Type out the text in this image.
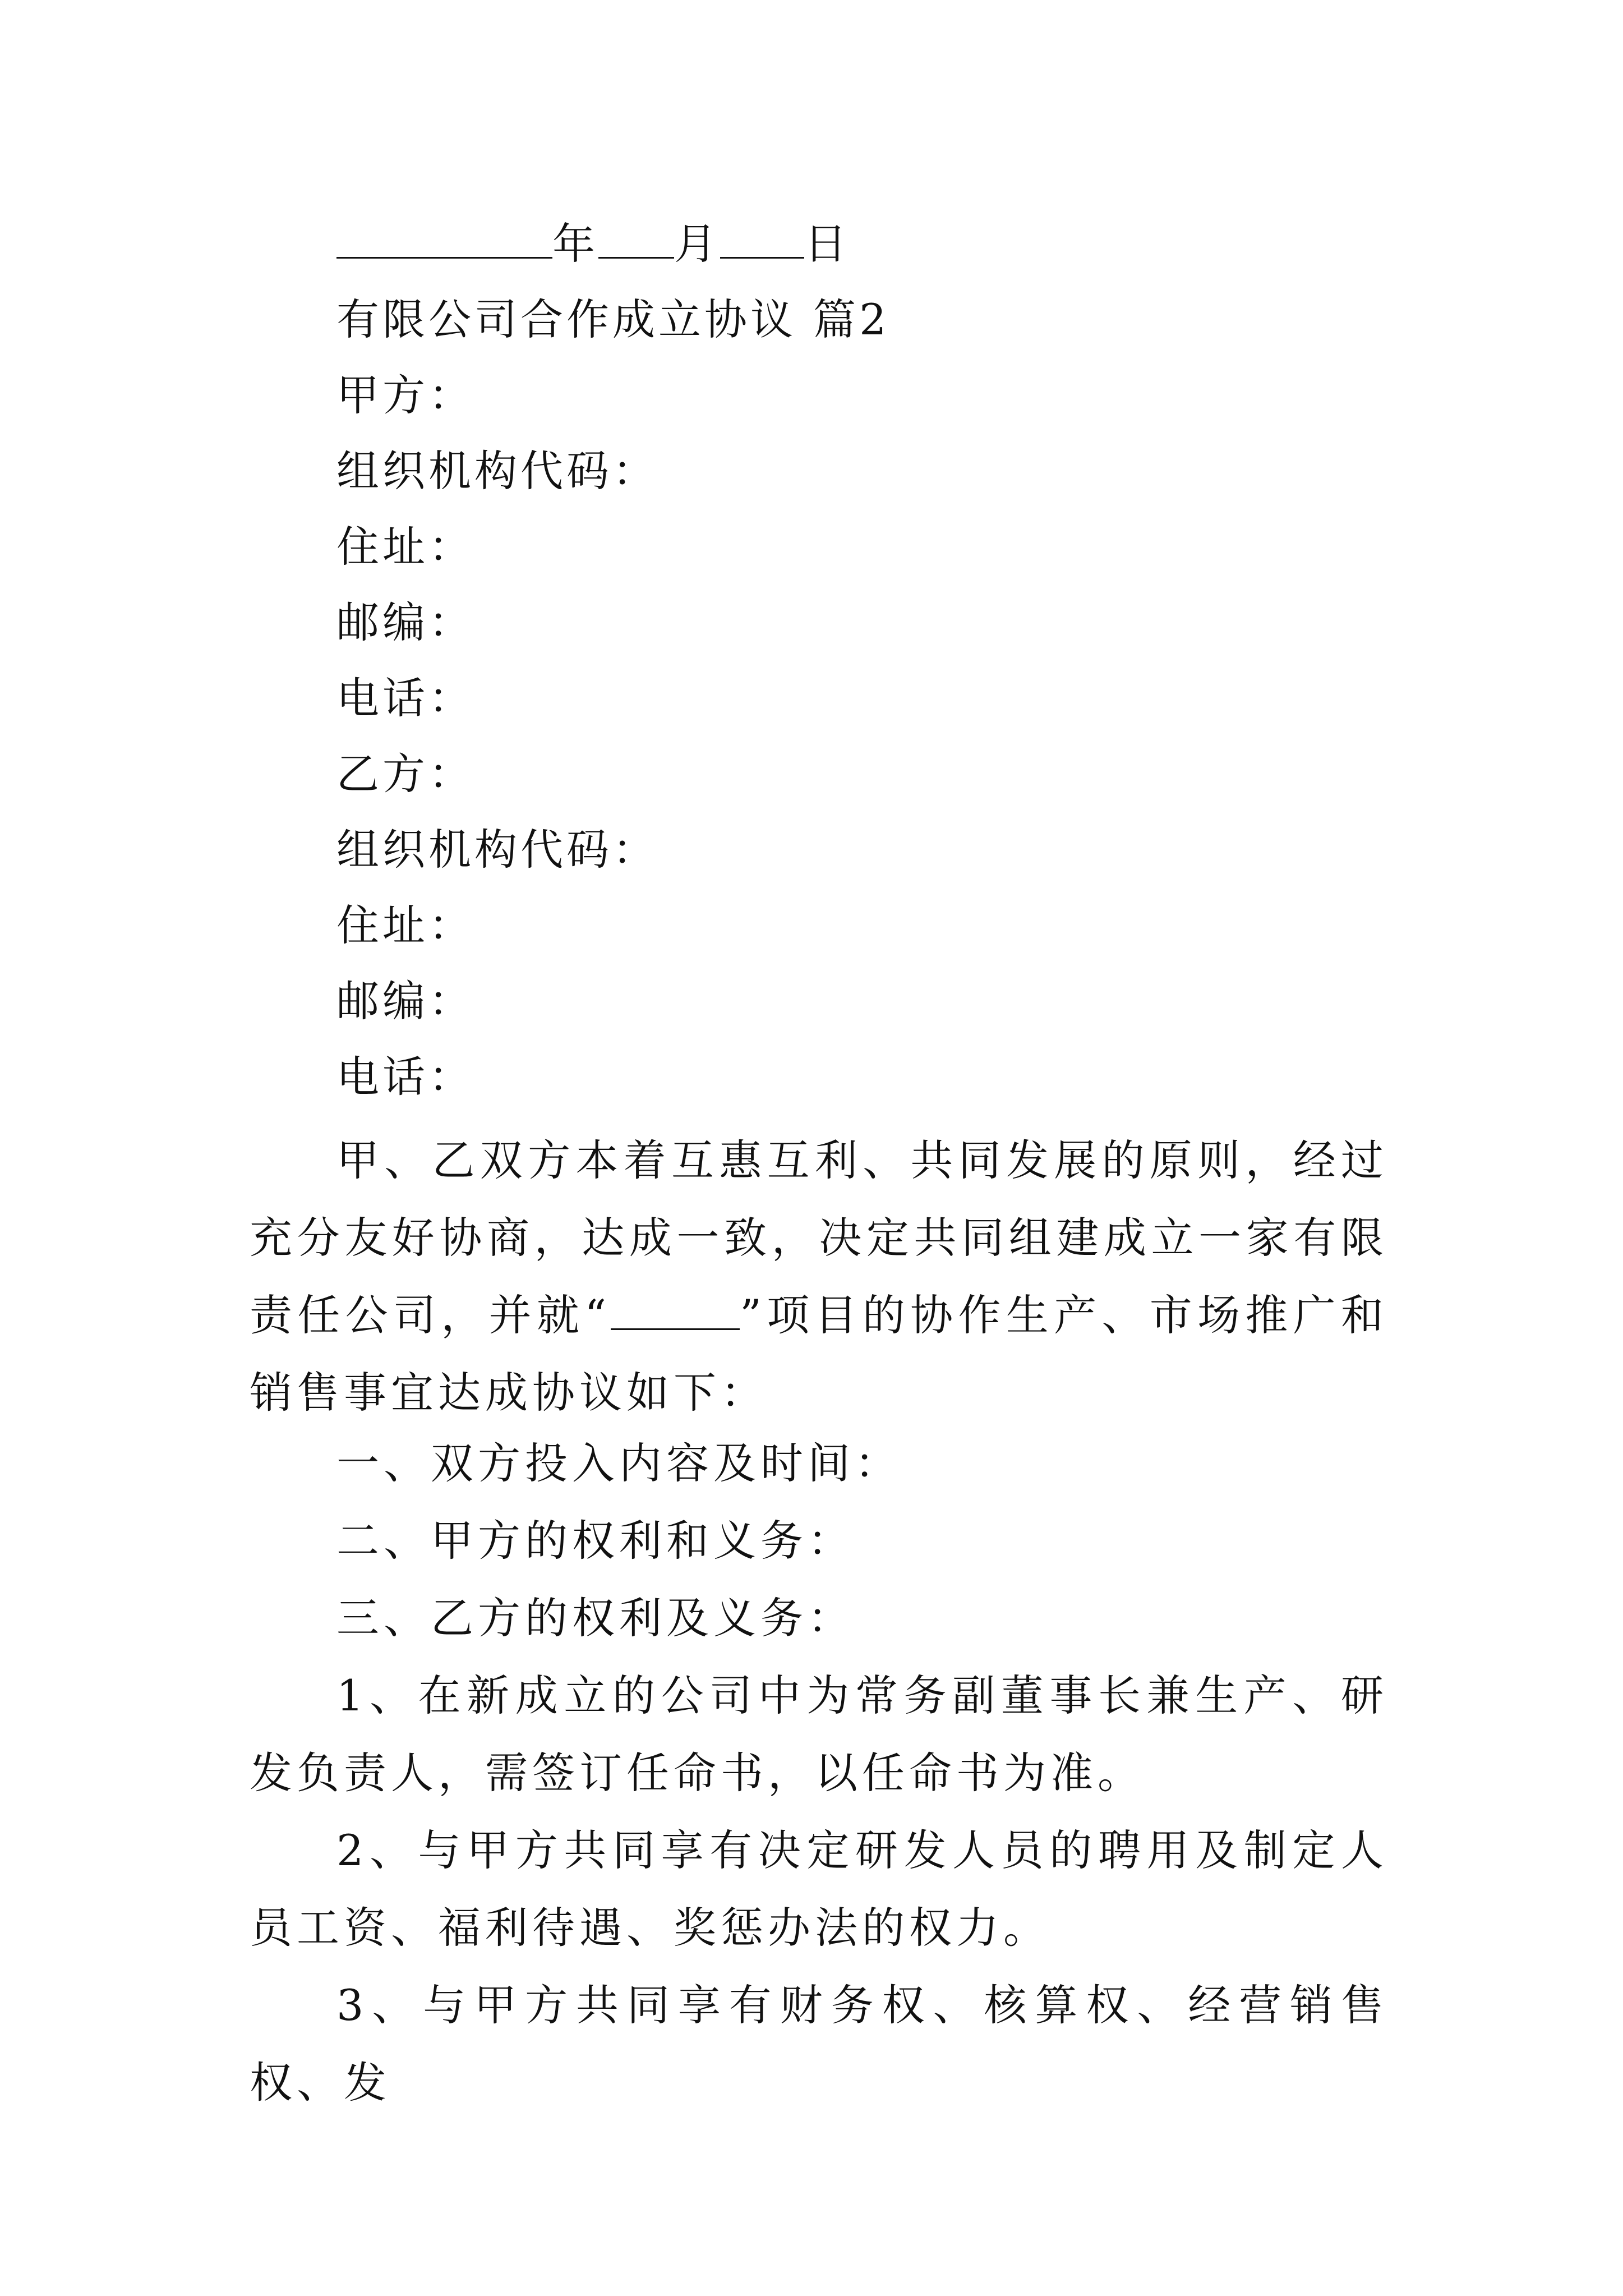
年 月 日
有限公司合作成立协议 篇2
甲方：
组织机构代码：
住址：
邮编：
电话：
乙方：
组织机构代码：
住址：
邮编：
电话：
甲、乙双方本着互惠互利、共同发展的原则，经过充分友好协商，达成一致，决定共同组建成立一家有限责任公司，并就“	”项目的协作生产、市场推广和销售事宜达成协议如下：
一、双方投入内容及时间：
二、甲方的权利和义务：
三、乙方的权利及义务：
1、在新成立的公司中为常务副董事长兼生产、研发负责人，需签订任命书，以任命书为准。
2、与甲方共同享有决定研发人员的聘用及制定人员工资、福利待遇、奖惩办法的权力。
3、与甲方共同享有财务权、核算权、经营销售权、发
